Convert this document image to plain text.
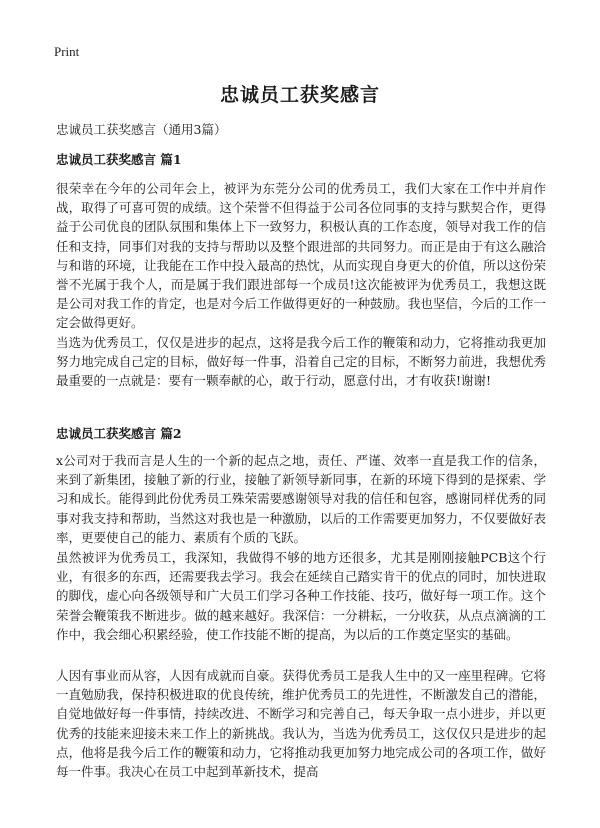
Print
忠诚员工获奖感言

忠诚员工获奖感言（通用3篇）

忠诚员工获奖感言 篇1

很荣幸在今年的公司年会上，被评为东莞分公司的优秀员工，我们大家在工作中并肩作战，取得了可喜可贺的成绩。这个荣誉不但得益于公司各位同事的支持与默契合作，更得益于公司优良的团队氛围和集体上下一致努力，积极认真的工作态度，领导对我工作的信任和支持，同事们对我的支持与帮助以及整个跟进部的共同努力。而正是由于有这么融洽与和谐的环境，让我能在工作中投入最高的热忱，从而实现自身更大的价值，所以这份荣誉不光属于我个人，而是属于我们跟进部每一个成员!这次能被评为优秀员工，我想这既是公司对我工作的肯定，也是对今后工作做得更好的一种鼓励。我也坚信，今后的工作一定会做得更好。

当选为优秀员工，仅仅是进步的起点，这将是我今后工作的鞭策和动力，它将推动我更加努力地完成自己定的目标，做好每一件事，沿着自己定的目标，不断努力前进，我想优秀最重要的一点就是：要有一颗奉献的心，敢于行动，愿意付出，才有收获!谢谢!

忠诚员工获奖感言 篇2

x公司对于我而言是人生的一个新的起点之地，责任、严谨、效率一直是我工作的信条，来到了新集团，接触了新的行业，接触了新领导新同事，在新的环境下得到的是探索、学习和成长。能得到此份优秀员工殊荣需要感谢领导对我的信任和包容，感谢同样优秀的同事对我支持和帮助，当然这对我也是一种激励，以后的工作需要更加努力，不仅要做好表率，更要使自己的能力、素质有个质的飞跃。

虽然被评为优秀员工，我深知，我做得不够的地方还很多，尤其是刚刚接触PCB这个行业，有很多的东西，还需要我去学习。我会在延续自己踏实肯干的优点的同时，加快进取的脚伐，虚心向各级领导和广大员工们学习各种工作技能、技巧，做好每一项工作。这个荣誉会鞭策我不断进步。做的越来越好。我深信：一分耕耘，一分收获，从点点滴滴的工作中，我会细心积累经验，使工作技能不断的提高，为以后的工作奠定坚实的基础。

人因有事业而从容，人因有成就而自豪。获得优秀员工是我人生中的又一座里程碑。它将一直勉励我，保持积极进取的优良传统，维护优秀员工的先进性，不断激发自己的潜能，自觉地做好每一件事情，持续改进、不断学习和完善自己，每天争取一点小进步，并以更优秀的技能来迎接未来工作上的新挑战。我认为，当选为优秀员工，这仅仅只是进步的起点，他将是我今后工作的鞭策和动力，它将推动我更加努力地完成公司的各项工作，做好每一件事。我决心在员工中起到革新技术，提高
